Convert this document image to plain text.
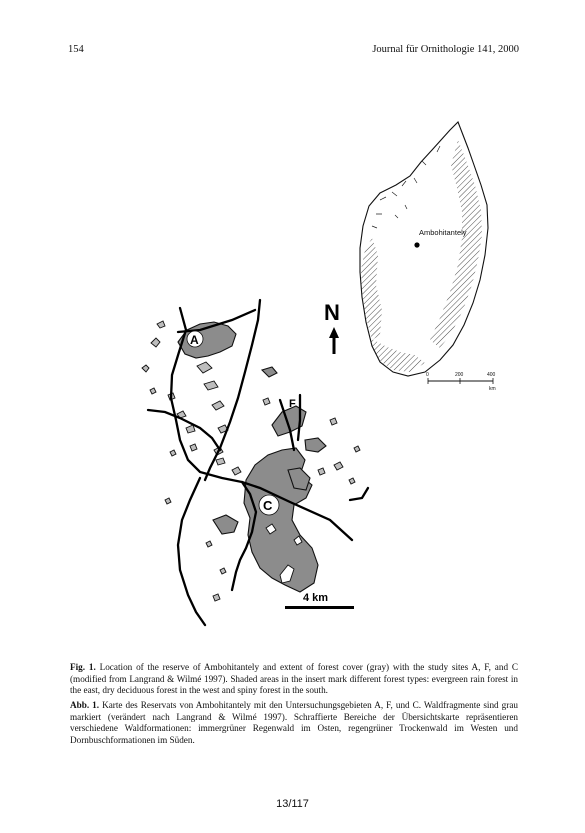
154	Journal für Ornithologie 141, 2000
Ambohitantely
0	200	400
km
N
A
F
C
4 km
Fig. 1. Location of the reserve of Ambohitantely and extent of forest cover (gray) with the study sites A, F, and C (modified from Langrand & Wilmé 1997). Shaded areas in the insert mark different forest types: evergreen rain forest in the east, dry deciduous forest in the west and spiny forest in the south.
Abb. 1. Karte des Reservats von Ambohitantely mit den Untersuchungsgebieten A, F, und C. Waldfragmente sind grau markiert (verändert nach Langrand & Wilmé 1997). Schraffierte Bereiche der Übersichtskarte repräsentieren verschiedene Waldformationen: immergrüner Regenwald im Osten, regengrüner Trockenwald im Westen und Dornbuschformationen im Süden.
13/117
